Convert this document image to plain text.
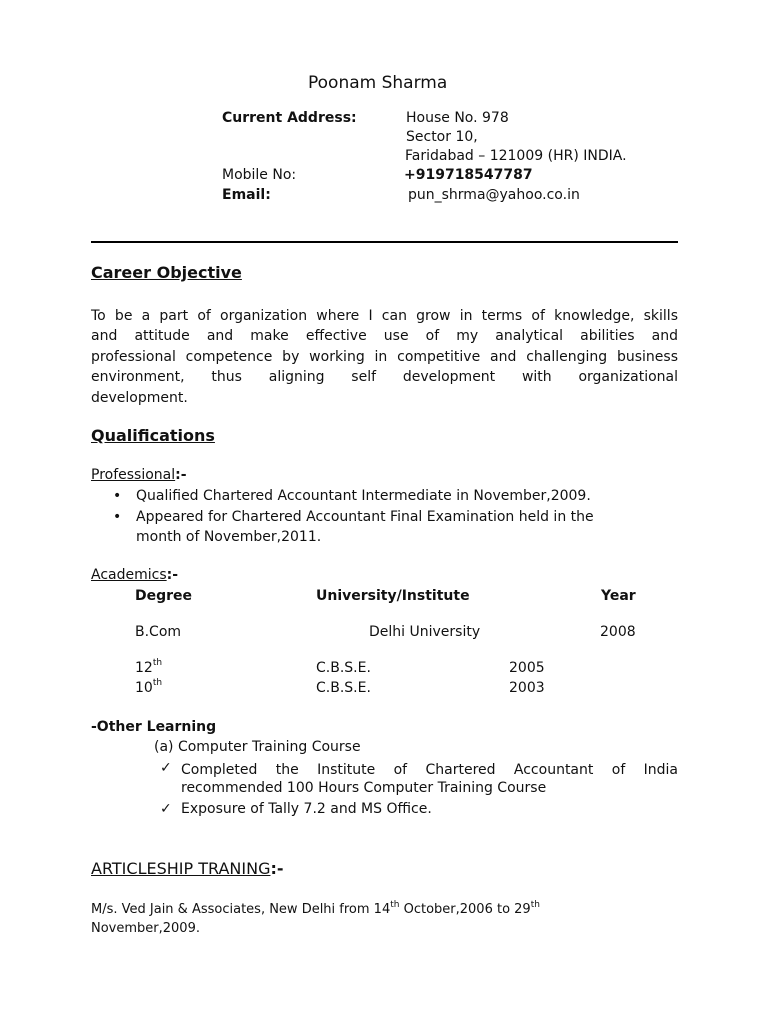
Poonam Sharma
Current Address:	House No. 978
Sector 10,
Faridabad – 121009 (HR) INDIA.
Mobile No:	+919718547787
Email:	pun_shrma@yahoo.co.in
Career Objective
To be a part of organization where I can grow in terms of knowledge, skills
and attitude and make effective use of my analytical abilities and
professional competence by working in competitive and challenging business
environment, thus aligning self development with organizational
development.
Qualifications
Professional:-
• Qualified Chartered Accountant Intermediate in November,2009.
• Appeared for Chartered Accountant Final Examination held in the
month of November,2011.
Academics:-
Degree	University/Institute	Year
B.Com	Delhi University	2008
12th	C.B.S.E.	2005
10th	C.B.S.E.	2003
-Other Learning
(a) Computer Training Course
✓ Completed the Institute of Chartered Accountant of India
recommended 100 Hours Computer Training Course
✓ Exposure of Tally 7.2 and MS Office.
ARTICLESHIP TRANING:-
M/s. Ved Jain & Associates, New Delhi from 14th October,2006 to 29th
November,2009.
